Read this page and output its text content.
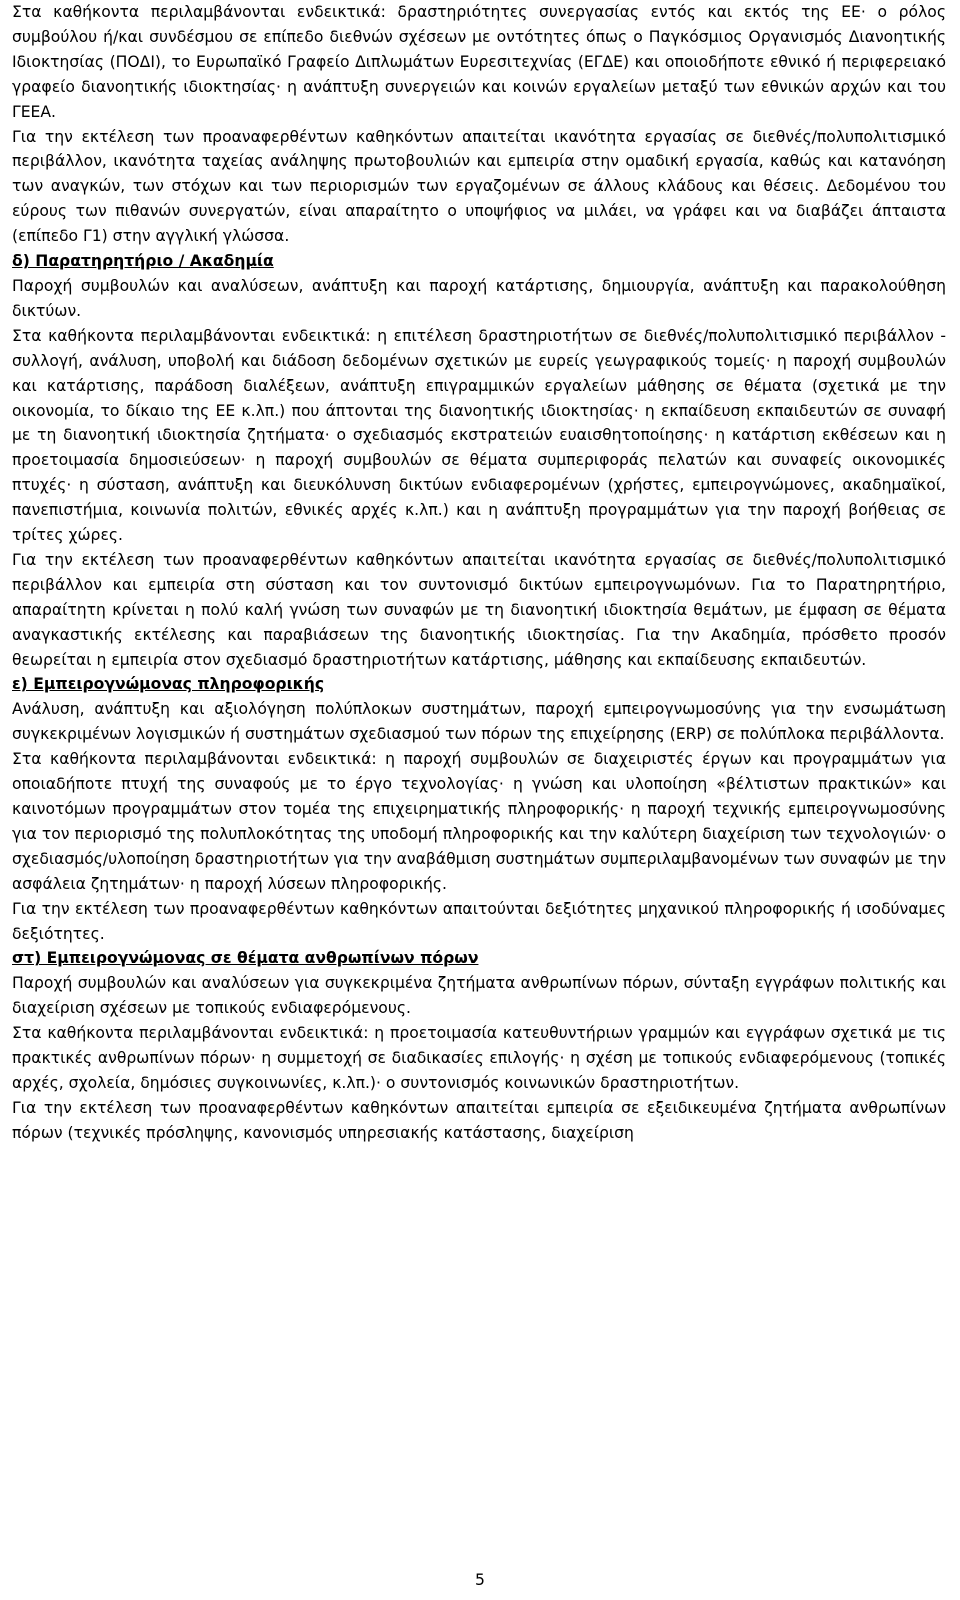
Στα καθήκοντα περιλαμβάνονται ενδεικτικά: δραστηριότητες συνεργασίας εντός και εκτός της ΕΕ· ο ρόλος συμβούλου ή/και συνδέσμου σε επίπεδο διεθνών σχέσεων με οντότητες όπως ο Παγκόσμιος Οργανισμός Διανοητικής Ιδιοκτησίας (ΠΟΔΙ), το Ευρωπαϊκό Γραφείο Διπλωμάτων Ευρεσιτεχνίας (ΕΓΔΕ) και οποιοδήποτε εθνικό ή περιφερειακό γραφείο διανοητικής ιδιοκτησίας· η ανάπτυξη συνεργειών και κοινών εργαλείων μεταξύ των εθνικών αρχών και του ΓΕΕΑ.

Για την εκτέλεση των προαναφερθέντων καθηκόντων απαιτείται ικανότητα εργασίας σε διεθνές/πολυπολιτισμικό περιβάλλον, ικανότητα ταχείας ανάληψης πρωτοβουλιών και εμπειρία στην ομαδική εργασία, καθώς και κατανόηση των αναγκών, των στόχων και των περιορισμών των εργαζομένων σε άλλους κλάδους και θέσεις. Δεδομένου του εύρους των πιθανών συνεργατών, είναι απαραίτητο ο υποψήφιος να μιλάει, να γράφει και να διαβάζει άπταιστα (επίπεδο Γ1) στην αγγλική γλώσσα.

δ) Παρατηρητήριο / Ακαδημία

Παροχή συμβουλών και αναλύσεων, ανάπτυξη και παροχή κατάρτισης, δημιουργία, ανάπτυξη και παρακολούθηση δικτύων.

Στα καθήκοντα περιλαμβάνονται ενδεικτικά: η επιτέλεση δραστηριοτήτων σε διεθνές/πολυπολιτισμικό περιβάλλον - συλλογή, ανάλυση, υποβολή και διάδοση δεδομένων σχετικών με ευρείς γεωγραφικούς τομείς· η παροχή συμβουλών και κατάρτισης, παράδοση διαλέξεων, ανάπτυξη επιγραμμικών εργαλείων μάθησης σε θέματα (σχετικά με την οικονομία, το δίκαιο της ΕΕ κ.λπ.) που άπτονται της διανοητικής ιδιοκτησίας· η εκπαίδευση εκπαιδευτών σε συναφή με τη διανοητική ιδιοκτησία ζητήματα· ο σχεδιασμός εκστρατειών ευαισθητοποίησης· η κατάρτιση εκθέσεων και η προετοιμασία δημοσιεύσεων· η παροχή συμβουλών σε θέματα συμπεριφοράς πελατών και συναφείς οικονομικές πτυχές· η σύσταση, ανάπτυξη και διευκόλυνση δικτύων ενδιαφερομένων (χρήστες, εμπειρογνώμονες, ακαδημαϊκοί, πανεπιστήμια, κοινωνία πολιτών, εθνικές αρχές κ.λπ.) και η ανάπτυξη προγραμμάτων για την παροχή βοήθειας σε τρίτες χώρες.

Για την εκτέλεση των προαναφερθέντων καθηκόντων απαιτείται ικανότητα εργασίας σε διεθνές/πολυπολιτισμικό περιβάλλον και εμπειρία στη σύσταση και τον συντονισμό δικτύων εμπειρογνωμόνων. Για το Παρατηρητήριο, απαραίτητη κρίνεται η πολύ καλή γνώση των συναφών με τη διανοητική ιδιοκτησία θεμάτων, με έμφαση σε θέματα αναγκαστικής εκτέλεσης και παραβιάσεων της διανοητικής ιδιοκτησίας. Για την Ακαδημία, πρόσθετο προσόν θεωρείται η εμπειρία στον σχεδιασμό δραστηριοτήτων κατάρτισης, μάθησης και εκπαίδευσης εκπαιδευτών.

ε) Εμπειρογνώμονας πληροφορικής

Ανάλυση, ανάπτυξη και αξιολόγηση πολύπλοκων συστημάτων, παροχή εμπειρογνωμοσύνης για την ενσωμάτωση συγκεκριμένων λογισμικών ή συστημάτων σχεδιασμού των πόρων της επιχείρησης (ERP) σε πολύπλοκα περιβάλλοντα.

Στα καθήκοντα περιλαμβάνονται ενδεικτικά: η παροχή συμβουλών σε διαχειριστές έργων και προγραμμάτων για οποιαδήποτε πτυχή της συναφούς με το έργο τεχνολογίας· η γνώση και υλοποίηση «βέλτιστων πρακτικών» και καινοτόμων προγραμμάτων στον τομέα της επιχειρηματικής πληροφορικής· η παροχή τεχνικής εμπειρογνωμοσύνης για τον περιορισμό της πολυπλοκότητας της υποδομή πληροφορικής και την καλύτερη διαχείριση των τεχνολογιών· ο σχεδιασμός/υλοποίηση δραστηριοτήτων για την αναβάθμιση συστημάτων συμπεριλαμβανομένων των συναφών με την ασφάλεια ζητημάτων· η παροχή λύσεων πληροφορικής.

Για την εκτέλεση των προαναφερθέντων καθηκόντων απαιτούνται δεξιότητες μηχανικού πληροφορικής ή ισοδύναμες δεξιότητες.

στ) Εμπειρογνώμονας σε θέματα ανθρωπίνων πόρων

Παροχή συμβουλών και αναλύσεων για συγκεκριμένα ζητήματα ανθρωπίνων πόρων, σύνταξη εγγράφων πολιτικής και διαχείριση σχέσεων με τοπικούς ενδιαφερόμενους.

Στα καθήκοντα περιλαμβάνονται ενδεικτικά: η προετοιμασία κατευθυντήριων γραμμών και εγγράφων σχετικά με τις πρακτικές ανθρωπίνων πόρων· η συμμετοχή σε διαδικασίες επιλογής· η σχέση με τοπικούς ενδιαφερόμενους (τοπικές αρχές, σχολεία, δημόσιες συγκοινωνίες, κ.λπ.)· ο συντονισμός κοινωνικών δραστηριοτήτων.

Για την εκτέλεση των προαναφερθέντων καθηκόντων απαιτείται εμπειρία σε εξειδικευμένα ζητήματα ανθρωπίνων πόρων (τεχνικές πρόσληψης, κανονισμός υπηρεσιακής κατάστασης, διαχείριση

5
